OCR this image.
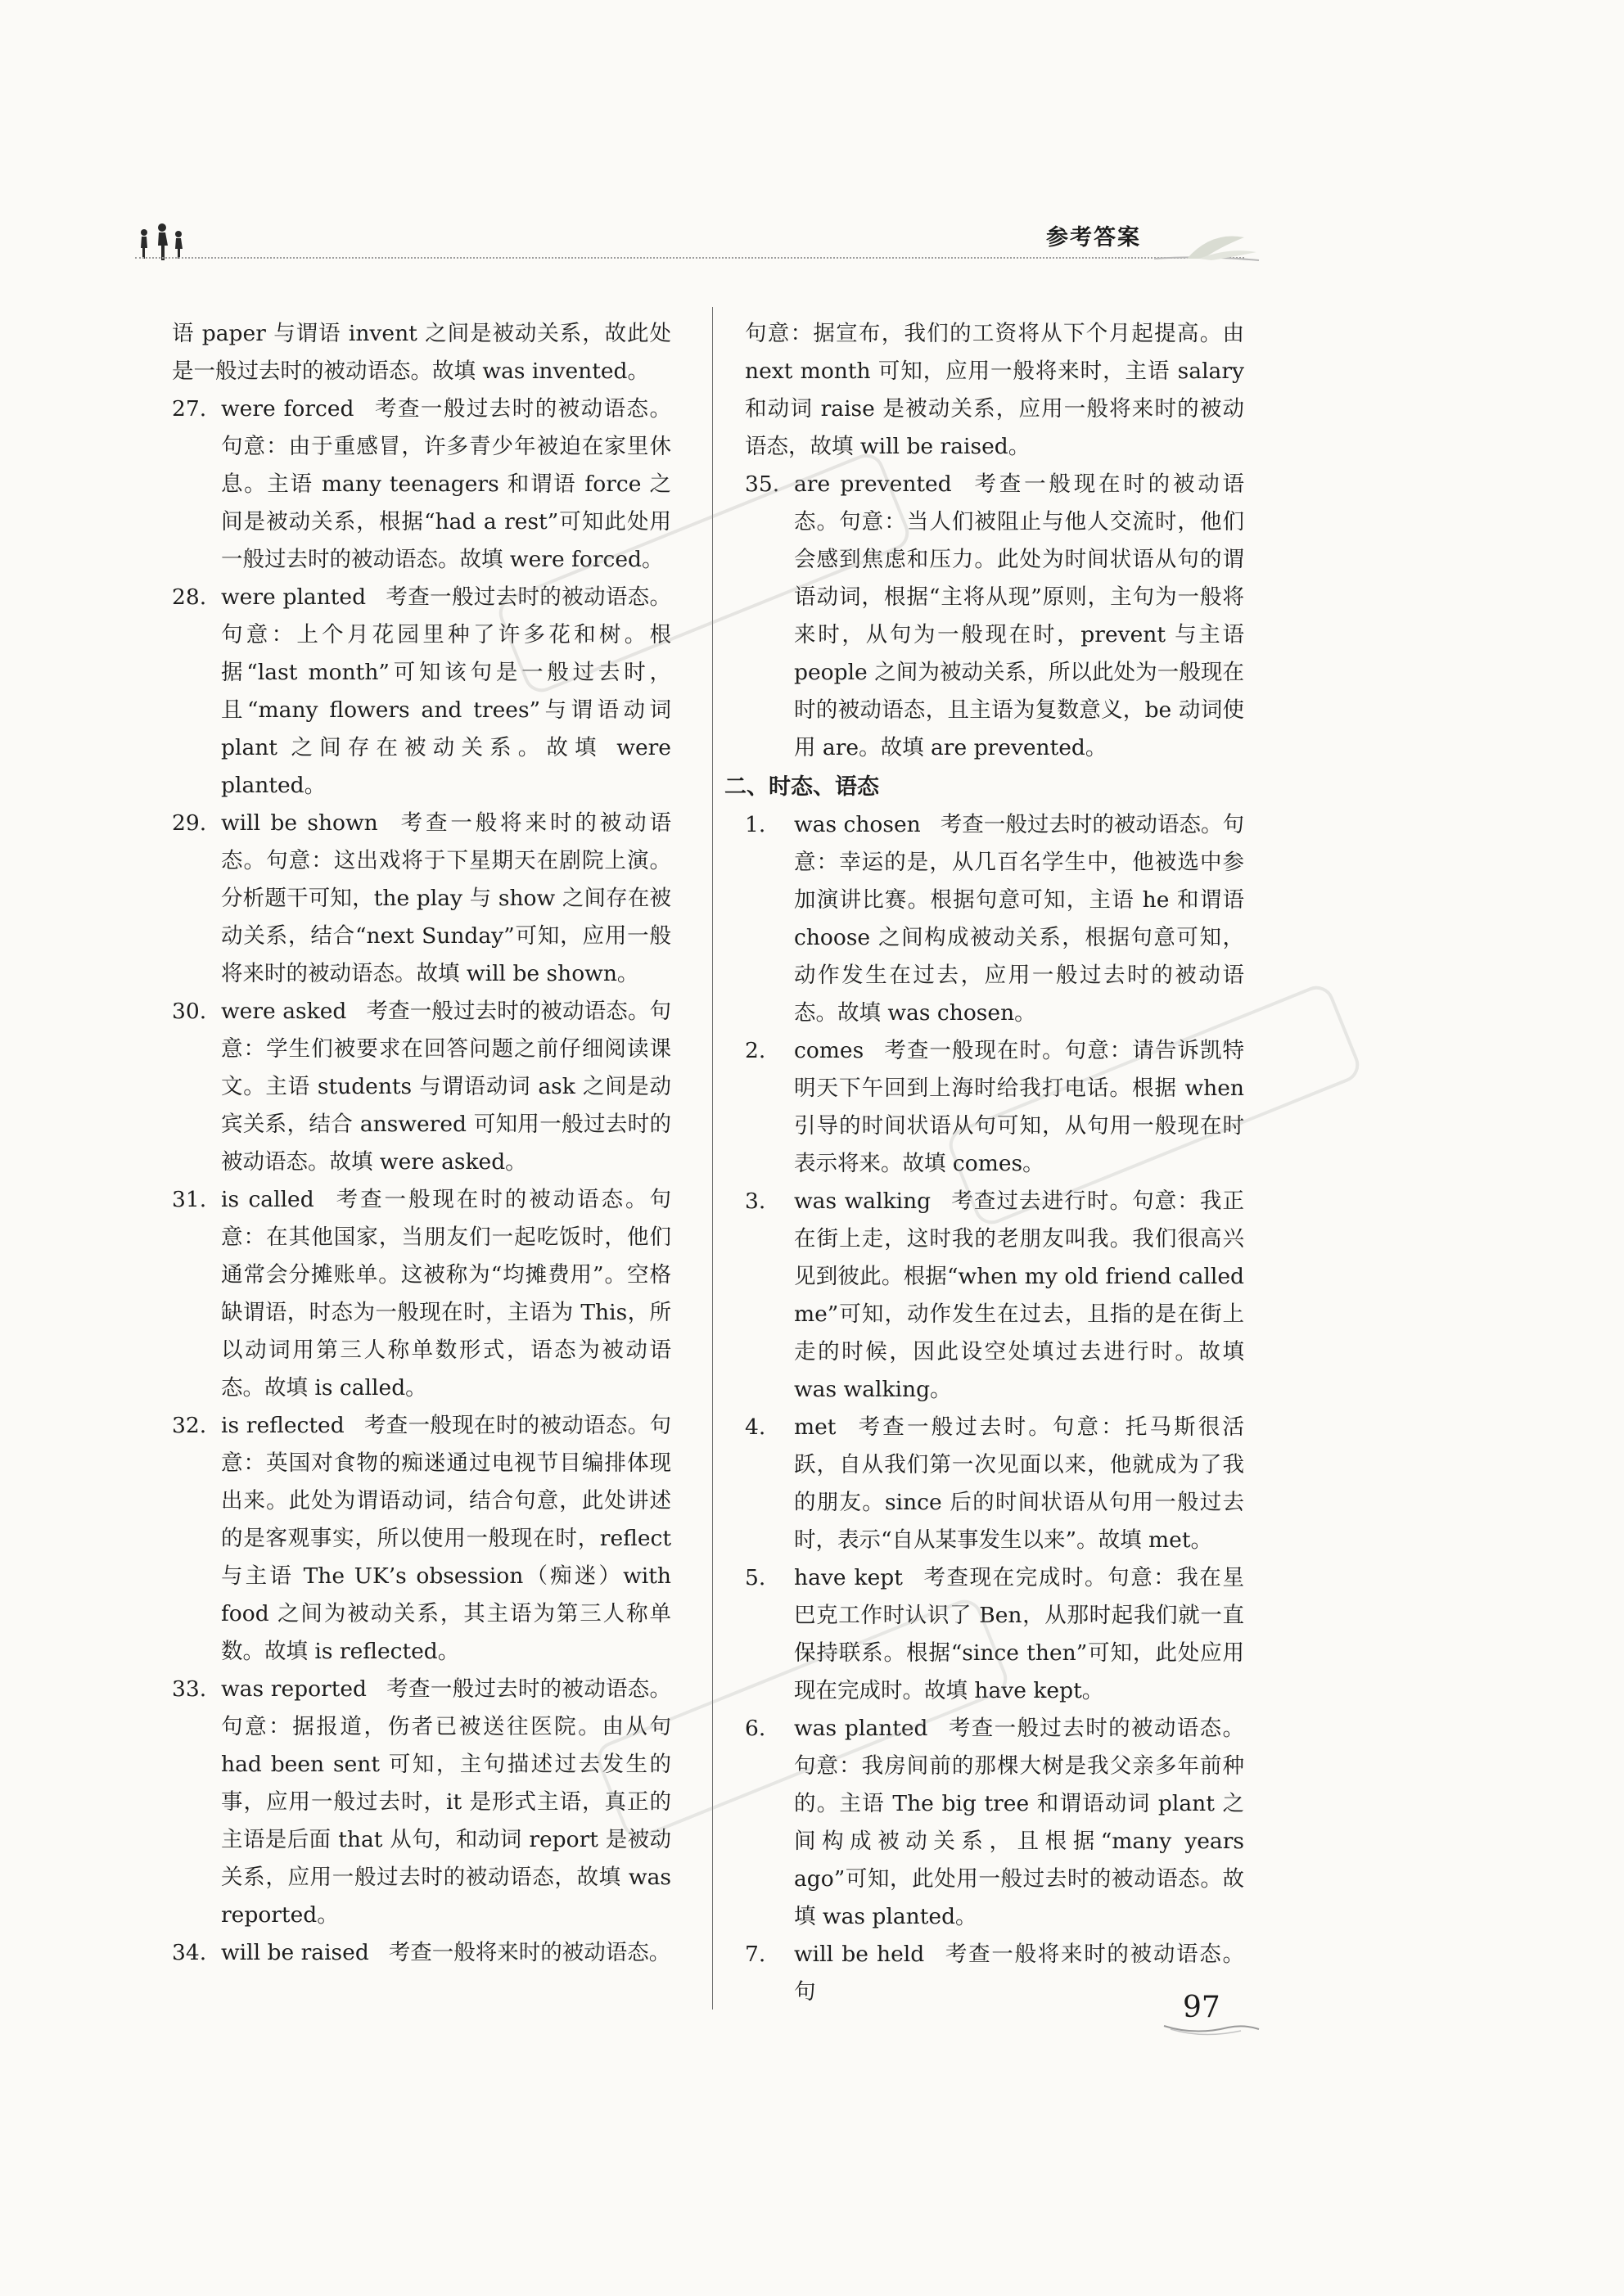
参考答案
语 paper 与谓语 invent 之间是被动关系，故此处是一般过去时的被动语态。故填 was invented。
27. were forced 考查一般过去时的被动语态。句意：由于重感冒，许多青少年被迫在家里休息。主语 many teenagers 和谓语 force 之间是被动关系，根据“had a rest”可知此处用一般过去时的被动语态。故填 were forced。
28. were planted 考查一般过去时的被动语态。句意：上个月花园里种了许多花和树。根据“last month”可知该句是一般过去时，且“many flowers and trees”与谓语动词 plant 之间存在被动关系。故填 were planted。
29. will be shown 考查一般将来时的被动语态。句意：这出戏将于下星期天在剧院上演。分析题干可知，the play 与 show 之间存在被动关系，结合“next Sunday”可知，应用一般将来时的被动语态。故填 will be shown。
30. were asked 考查一般过去时的被动语态。句意：学生们被要求在回答问题之前仔细阅读课文。主语 students 与谓语动词 ask 之间是动宾关系，结合 answered 可知用一般过去时的被动语态。故填 were asked。
31. is called 考查一般现在时的被动语态。句意：在其他国家，当朋友们一起吃饭时，他们通常会分摊账单。这被称为“均摊费用”。空格缺谓语，时态为一般现在时，主语为 This，所以动词用第三人称单数形式，语态为被动语态。故填 is called。
32. is reflected 考查一般现在时的被动语态。句意：英国对食物的痴迷通过电视节目编排体现出来。此处为谓语动词，结合句意，此处讲述的是客观事实，所以使用一般现在时，reflect 与主语 The UK’s obsession（痴迷）with food 之间为被动关系，其主语为第三人称单数。故填 is reflected。
33. was reported 考查一般过去时的被动语态。句意：据报道，伤者已被送往医院。由从句 had been sent 可知，主句描述过去发生的事，应用一般过去时，it 是形式主语，真正的主语是后面 that 从句，和动词 report 是被动关系，应用一般过去时的被动语态，故填 was reported。
34. will be raised 考查一般将来时的被动语态。
句意：据宣布，我们的工资将从下个月起提高。由 next month 可知，应用一般将来时，主语 salary 和动词 raise 是被动关系，应用一般将来时的被动语态，故填 will be raised。
35. are prevented 考查一般现在时的被动语态。句意：当人们被阻止与他人交流时，他们会感到焦虑和压力。此处为时间状语从句的谓语动词，根据“主将从现”原则，主句为一般将来时，从句为一般现在时，prevent 与主语 people 之间为被动关系，所以此处为一般现在时的被动语态，且主语为复数意义，be 动词使用 are。故填 are prevented。
二、时态、语态
1. was chosen 考查一般过去时的被动语态。句意：幸运的是，从几百名学生中，他被选中参加演讲比赛。根据句意可知，主语 he 和谓语 choose 之间构成被动关系，根据句意可知，动作发生在过去，应用一般过去时的被动语态。故填 was chosen。
2. comes 考查一般现在时。句意：请告诉凯特明天下午回到上海时给我打电话。根据 when 引导的时间状语从句可知，从句用一般现在时表示将来。故填 comes。
3. was walking 考查过去进行时。句意：我正在街上走，这时我的老朋友叫我。我们很高兴见到彼此。根据“when my old friend called me”可知，动作发生在过去，且指的是在街上走的时候，因此设空处填过去进行时。故填 was walking。
4. met 考查一般过去时。句意：托马斯很活跃，自从我们第一次见面以来，他就成为了我的朋友。since 后的时间状语从句用一般过去时，表示“自从某事发生以来”。故填 met。
5. have kept 考查现在完成时。句意：我在星巴克工作时认识了 Ben，从那时起我们就一直保持联系。根据“since then”可知，此处应用现在完成时。故填 have kept。
6. was planted 考查一般过去时的被动语态。句意：我房间前的那棵大树是我父亲多年前种的。主语 The big tree 和谓语动词 plant 之间构成被动关系，且根据“many years ago”可知，此处用一般过去时的被动语态。故填 was planted。
7. will be held 考查一般将来时的被动语态。句	97
